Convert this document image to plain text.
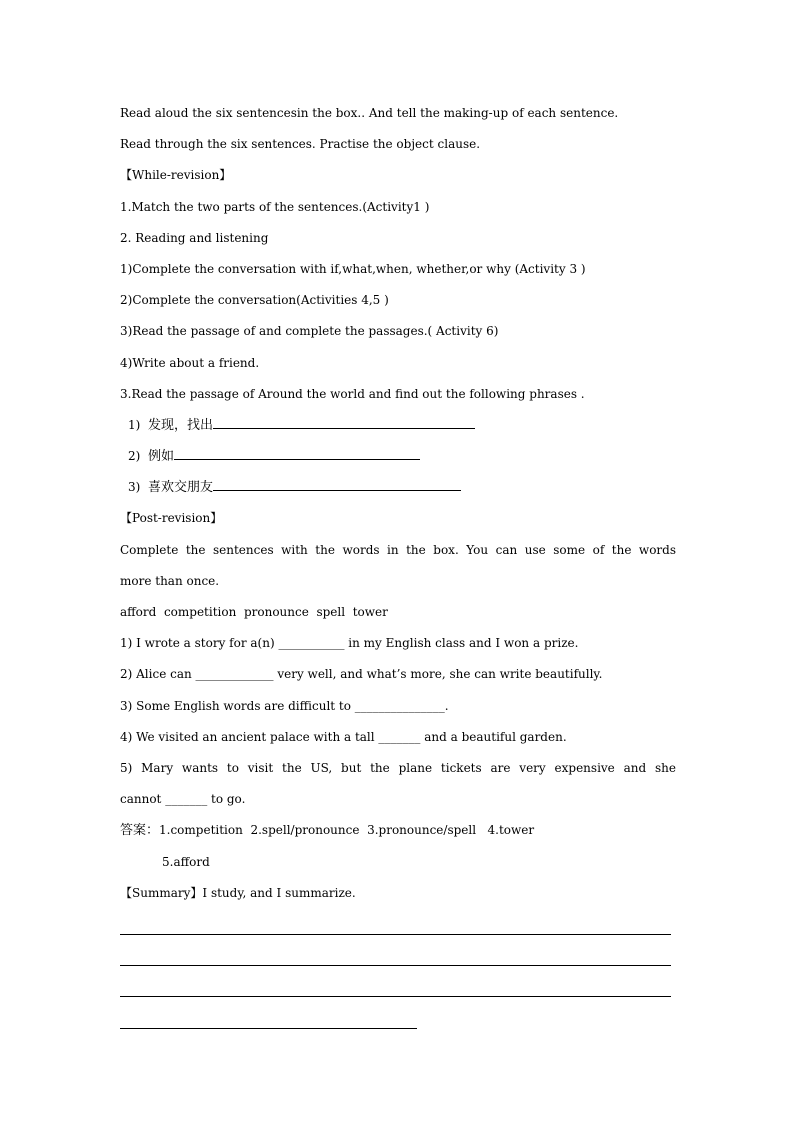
Read aloud the six sentencesin the box.. And tell the making-up of each sentence.
Read through the six sentences. Practise the object clause.
【While-revision】
1.Match the two parts of the sentences.(Activity1 )
2. Reading and listening
1)Complete the conversation with if,what,when, whether,or why (Activity 3 )
2)Complete the conversation(Activities 4,5 )
3)Read the passage of and complete the passages.( Activity 6)
4)Write about a friend.
3.Read the passage of Around the world and find out the following phrases .
1) 发现，找出
2) 例如
3) 喜欢交朋友
【Post-revision】
Complete the sentences with the words in the box. You can use some of the words
more than once.
afford  competition  pronounce  spell  tower
1) I wrote a story for a(n) ___________ in my English class and I won a prize.
2) Alice can _____________ very well, and what’s more, she can write beautifully.
3) Some English words are difficult to _______________.
4) We visited an ancient palace with a tall _______ and a beautiful garden.
5) Mary wants to visit the US, but the plane tickets are very expensive and she
cannot _______ to go.
答案：1.competition  2.spell/pronounce  3.pronounce/spell   4.tower
5.afford
【Summary】I study, and I summarize.
